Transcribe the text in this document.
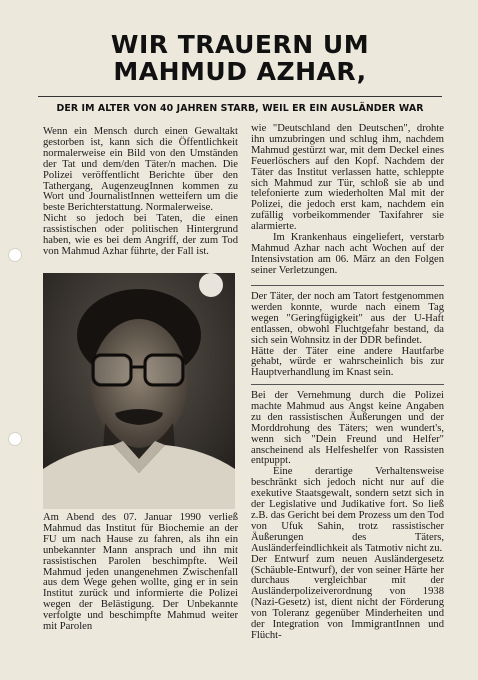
WIR TRAUERN UM
MAHMUD AZHAR,
DER IM ALTER VON 40 JAHREN STARB, WEIL ER EIN AUSLÄNDER WAR

Wenn ein Mensch durch einen Gewaltakt gestorben ist, kann sich die Öffentlichkeit normalerweise ein Bild von den Umständen der Tat und dem/den Täter/n machen. Die Polizei veröffentlicht Berichte über den Tathergang, AugenzeugInnen kommen zu Wort und JournalistInnen wetteifern um die beste Berichterstattung. Normalerweise.

Nicht so jedoch bei Taten, die einen rassistischen oder politischen Hintergrund haben, wie es bei dem Angriff, der zum Tod von Mahmud Azhar führte, der Fall ist.

Am Abend des 07. Januar 1990 verließ Mahmud das Institut für Biochemie an der FU um nach Hause zu fahren, als ihn ein unbekannter Mann ansprach und ihn mit rassistischen Parolen beschimpfte. Weil Mahmud jeden unangenehmen Zwischenfall aus dem Wege gehen wollte, ging er in sein Institut zurück und informierte die Polizei wegen der Belästigung. Der Unbekannte verfolgte und beschimpfte Mahmud weiter mit Parolen

wie "Deutschland den Deutschen", drohte ihn umzubringen und schlug ihm, nachdem Mahmud gestürzt war, mit dem Deckel eines Feuerlöschers auf den Kopf. Nachdem der Täter das Institut verlassen hatte, schleppte sich Mahmud zur Tür, schloß sie ab und telefonierte zum wiederholten Mal mit der Polizei, die jedoch erst kam, nachdem ein zufällig vorbeikommender Taxifahrer sie alarmierte.

Im Krankenhaus eingeliefert, verstarb Mahmud Azhar nach acht Wochen auf der Intensivstation am 06. März an den Folgen seiner Verletzungen.

Der Täter, der noch am Tatort festgenommen werden konnte, wurde nach einem Tag wegen "Geringfügigkeit" aus der U-Haft entlassen, obwohl Fluchtgefahr bestand, da sich sein Wohnsitz in der DDR befindet.

Hätte der Täter eine andere Hautfarbe gehabt, würde er wahrscheinlich bis zur Hauptverhandlung im Knast sein.

Bei der Vernehmung durch die Polizei machte Mahmud aus Angst keine Angaben zu den rassistischen Äußerungen und der Morddrohung des Täters; wen wundert's, wenn sich "Dein Freund und Helfer" anscheinend als Helfeshelfer von Rassisten entpuppt.

Eine derartige Verhaltensweise beschränkt sich jedoch nicht nur auf die exekutive Staatsgewalt, sondern setzt sich in der Legislative und Judikative fort. So ließ z.B. das Gericht bei dem Prozess um den Tod von Ufuk Sahin, trotz rassistischer Äußerungen des Täters, Ausländerfeindlichkeit als Tatmotiv nicht zu.

Der Entwurf zum neuen Ausländergesetz (Schäuble-Entwurf), der von seiner Härte her durchaus vergleichbar mit der Ausländerpolizeiverordnung von 1938 (Nazi-Gesetz) ist, dient nicht der Förderung von Toleranz gegenüber Minderheiten und der Integration von ImmigrantInnen und Flücht-
